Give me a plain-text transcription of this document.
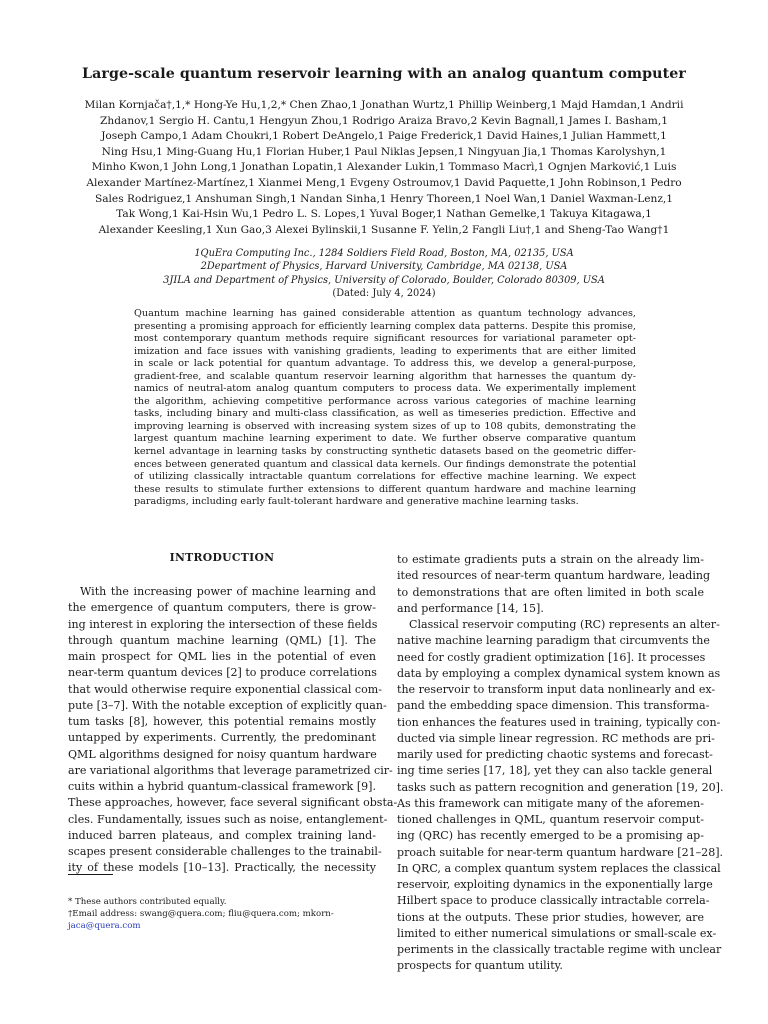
Large-scale quantum reservoir learning with an analog quantum computer
Milan Kornjača†,1,* Hong-Ye Hu,1,2,* Chen Zhao,1 Jonathan Wurtz,1 Phillip Weinberg,1 Majd Hamdan,1 Andrii
Zhdanov,1 Sergio H. Cantu,1 Hengyun Zhou,1 Rodrigo Araiza Bravo,2 Kevin Bagnall,1 James I. Basham,1
Joseph Campo,1 Adam Choukri,1 Robert DeAngelo,1 Paige Frederick,1 David Haines,1 Julian Hammett,1
Ning Hsu,1 Ming-Guang Hu,1 Florian Huber,1 Paul Niklas Jepsen,1 Ningyuan Jia,1 Thomas Karolyshyn,1
Minho Kwon,1 John Long,1 Jonathan Lopatin,1 Alexander Lukin,1 Tommaso Macrì,1 Ognjen Marković,1 Luis
Alexander Martínez-Martínez,1 Xianmei Meng,1 Evgeny Ostroumov,1 David Paquette,1 John Robinson,1 Pedro
Sales Rodriguez,1 Anshuman Singh,1 Nandan Sinha,1 Henry Thoreen,1 Noel Wan,1 Daniel Waxman-Lenz,1
Tak Wong,1 Kai-Hsin Wu,1 Pedro L. S. Lopes,1 Yuval Boger,1 Nathan Gemelke,1 Takuya Kitagawa,1
Alexander Keesling,1 Xun Gao,3 Alexei Bylinskii,1 Susanne F. Yelin,2 Fangli Liu†,1 and Sheng-Tao Wang†1
1QuEra Computing Inc., 1284 Soldiers Field Road, Boston, MA, 02135, USA
2Department of Physics, Harvard University, Cambridge, MA 02138, USA
3JILA and Department of Physics, University of Colorado, Boulder, Colorado 80309, USA
(Dated: July 4, 2024)
Quantum machine learning has gained considerable attention as quantum technology advances,
presenting a promising approach for efficiently learning complex data patterns. Despite this promise,
most contemporary quantum methods require significant resources for variational parameter opt-
imization and face issues with vanishing gradients, leading to experiments that are either limited
in scale or lack potential for quantum advantage. To address this, we develop a general-purpose,
gradient-free, and scalable quantum reservoir learning algorithm that harnesses the quantum dy-
namics of neutral-atom analog quantum computers to process data. We experimentally implement
the algorithm, achieving competitive performance across various categories of machine learning
tasks, including binary and multi-class classification, as well as timeseries prediction. Effective and
improving learning is observed with increasing system sizes of up to 108 qubits, demonstrating the
largest quantum machine learning experiment to date. We further observe comparative quantum
kernel advantage in learning tasks by constructing synthetic datasets based on the geometric differ-
ences between generated quantum and classical data kernels. Our findings demonstrate the potential
of utilizing classically intractable quantum correlations for effective machine learning. We expect
these results to stimulate further extensions to different quantum hardware and machine learning
paradigms, including early fault-tolerant hardware and generative machine learning tasks.
INTRODUCTION
With the increasing power of machine learning and
the emergence of quantum computers, there is grow-
ing interest in exploring the intersection of these fields
through quantum machine learning (QML) [1]. The
main prospect for QML lies in the potential of even
near-term quantum devices [2] to produce correlations
that would otherwise require exponential classical com-
pute [3–7]. With the notable exception of explicitly quan-
tum tasks [8], however, this potential remains mostly
untapped by experiments. Currently, the predominant
QML algorithms designed for noisy quantum hardware
are variational algorithms that leverage parametrized cir-
cuits within a hybrid quantum-classical framework [9].
These approaches, however, face several significant obsta-
cles. Fundamentally, issues such as noise, entanglement-
induced barren plateaus, and complex training land-
scapes present considerable challenges to the trainabil-
ity of these models [10–13]. Practically, the necessity
to estimate gradients puts a strain on the already lim-
ited resources of near-term quantum hardware, leading
to demonstrations that are often limited in both scale
and performance [14, 15].
Classical reservoir computing (RC) represents an alter-
native machine learning paradigm that circumvents the
need for costly gradient optimization [16]. It processes
data by employing a complex dynamical system known as
the reservoir to transform input data nonlinearly and ex-
pand the embedding space dimension. This transforma-
tion enhances the features used in training, typically con-
ducted via simple linear regression. RC methods are pri-
marily used for predicting chaotic systems and forecast-
ing time series [17, 18], yet they can also tackle general
tasks such as pattern recognition and generation [19, 20].
As this framework can mitigate many of the aforemen-
tioned challenges in QML, quantum reservoir comput-
ing (QRC) has recently emerged to be a promising ap-
proach suitable for near-term quantum hardware [21–28].
In QRC, a complex quantum system replaces the classical
reservoir, exploiting dynamics in the exponentially large
Hilbert space to produce classically intractable correla-
tions at the outputs. These prior studies, however, are
limited to either numerical simulations or small-scale ex-
periments in the classically tractable regime with unclear
prospects for quantum utility.
* These authors contributed equally.
†Email address: swang@quera.com; fliu@quera.com; mkorn-
jaca@quera.com
